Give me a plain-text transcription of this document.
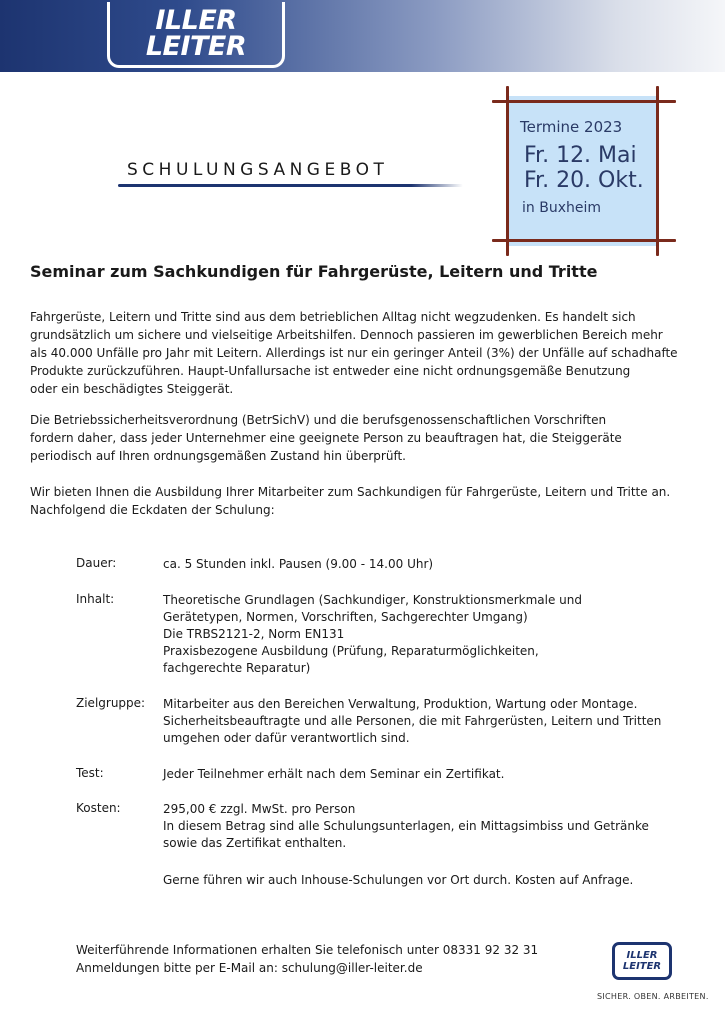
ILLER
LEITER
SCHULUNGSANGEBOT
Termine 2023
Fr. 12. Mai
Fr. 20. Okt.
in Buxheim
Seminar zum Sachkundigen für Fahrgerüste, Leitern und Tritte
Fahrgerüste, Leitern und Tritte sind aus dem betrieblichen Alltag nicht wegzudenken. Es handelt sich
grundsätzlich um sichere und vielseitige Arbeitshilfen. Dennoch passieren im gewerblichen Bereich mehr
als 40.000 Unfälle pro Jahr mit Leitern. Allerdings ist nur ein geringer Anteil (3%) der Unfälle auf schadhafte
Produkte zurückzuführen. Haupt-Unfallursache ist entweder eine nicht ordnungsgemäße Benutzung
oder ein beschädigtes Steiggerät.
Die Betriebssicherheitsverordnung (BetrSichV) und die berufsgenossenschaftlichen Vorschriften
fordern daher, dass jeder Unternehmer eine geeignete Person zu beauftragen hat, die Steiggeräte
periodisch auf Ihren ordnungsgemäßen Zustand hin überprüft.
Wir bieten Ihnen die Ausbildung Ihrer Mitarbeiter zum Sachkundigen für Fahrgerüste, Leitern und Tritte an.
Nachfolgend die Eckdaten der Schulung:
Dauer:	ca. 5 Stunden inkl. Pausen (9.00 - 14.00 Uhr)
Inhalt:	Theoretische Grundlagen (Sachkundiger, Konstruktionsmerkmale und
Gerätetypen, Normen, Vorschriften, Sachgerechter Umgang)
Die TRBS2121-2, Norm EN131
Praxisbezogene Ausbildung (Prüfung, Reparaturmöglichkeiten,
fachgerechte Reparatur)
Zielgruppe: Mitarbeiter aus den Bereichen Verwaltung, Produktion, Wartung oder Montage.
Sicherheitsbeauftragte und alle Personen, die mit Fahrgerüsten, Leitern und Tritten
umgehen oder dafür verantwortlich sind.
Test:	Jeder Teilnehmer erhält nach dem Seminar ein Zertifikat.
Kosten:	295,00 € zzgl. MwSt. pro Person
In diesem Betrag sind alle Schulungsunterlagen, ein Mittagsimbiss und Getränke
sowie das Zertifikat enthalten.
Gerne führen wir auch Inhouse-Schulungen vor Ort durch. Kosten auf Anfrage.
Weiterführende Informationen erhalten Sie telefonisch unter 08331 92 32 31
Anmeldungen bitte per E-Mail an: schulung@iller-leiter.de
ILLER
LEITER
SICHER. OBEN. ARBEITEN.
